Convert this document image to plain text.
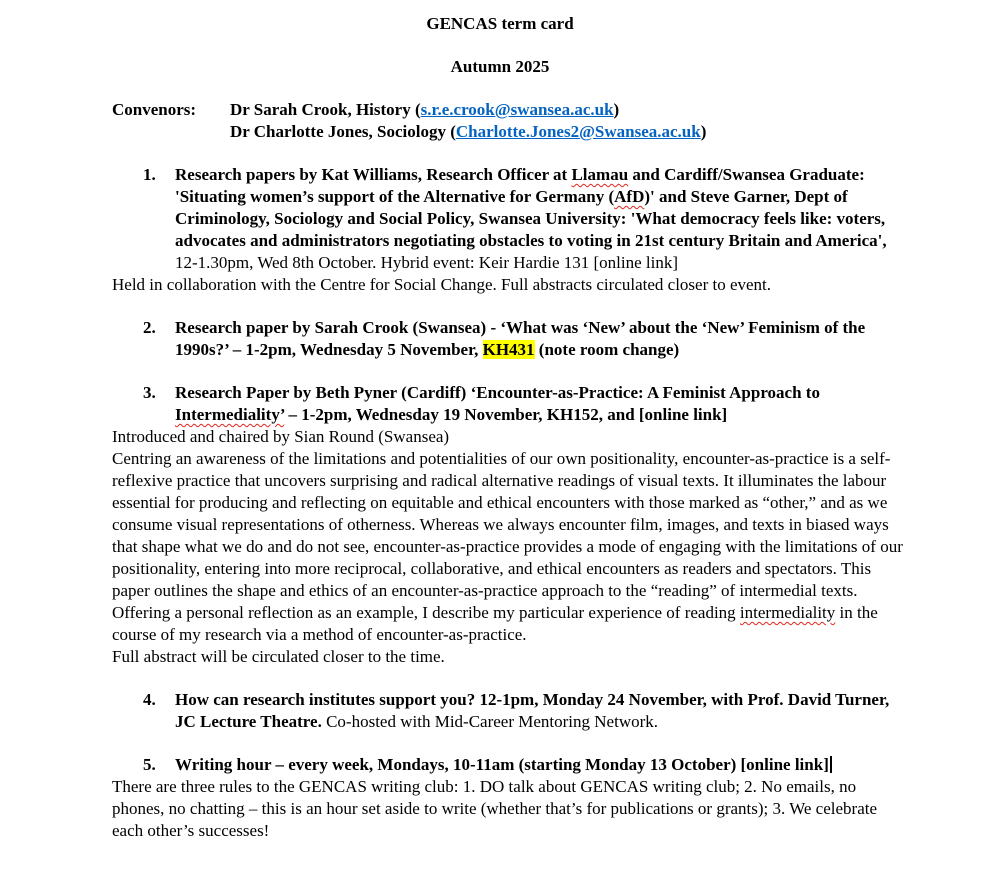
GENCAS term card
Autumn 2025
Convenors:	Dr Sarah Crook, History (s.r.e.crook@swansea.ac.uk)
Dr Charlotte Jones, Sociology (Charlotte.Jones2@Swansea.ac.uk)
1.	Research papers by Kat Williams, Research Officer at Llamau and Cardiff/Swansea Graduate: 'Situating women’s support of the Alternative for Germany (AfD)' and Steve Garner, Dept of Criminology, Sociology and Social Policy, Swansea University: 'What democracy feels like: voters, advocates and administrators negotiating obstacles to voting in 21st century Britain and America', 12-1.30pm, Wed 8th October. Hybrid event: Keir Hardie 131 [online link]
Held in collaboration with the Centre for Social Change. Full abstracts circulated closer to event.
2.	Research paper by Sarah Crook (Swansea) - ‘What was ‘New’ about the ‘New’ Feminism of the 1990s?’ – 1-2pm, Wednesday 5 November, KH431 (note room change)
3.	Research Paper by Beth Pyner (Cardiff) ‘Encounter-as-Practice: A Feminist Approach to Intermediality’ – 1-2pm, Wednesday 19 November, KH152, and [online link]
Introduced and chaired by Sian Round (Swansea)
Centring an awareness of the limitations and potentialities of our own positionality, encounter-as-practice is a self-reflexive practice that uncovers surprising and radical alternative readings of visual texts. It illuminates the labour essential for producing and reflecting on equitable and ethical encounters with those marked as “other,” and as we consume visual representations of otherness. Whereas we always encounter film, images, and texts in biased ways that shape what we do and do not see, encounter-as-practice provides a mode of engaging with the limitations of our positionality, entering into more reciprocal, collaborative, and ethical encounters as readers and spectators. This paper outlines the shape and ethics of an encounter-as-practice approach to the “reading” of intermedial texts. Offering a personal reflection as an example, I describe my particular experience of reading intermediality in the course of my research via a method of encounter-as-practice.
Full abstract will be circulated closer to the time.
4.	How can research institutes support you? 12-1pm, Monday 24 November, with Prof. David Turner, JC Lecture Theatre. Co-hosted with Mid-Career Mentoring Network.
5.	Writing hour – every week, Mondays, 10-11am (starting Monday 13 October) [online link]
There are three rules to the GENCAS writing club: 1. DO talk about GENCAS writing club; 2. No emails, no phones, no chatting – this is an hour set aside to write (whether that’s for publications or grants); 3. We celebrate each other’s successes!
